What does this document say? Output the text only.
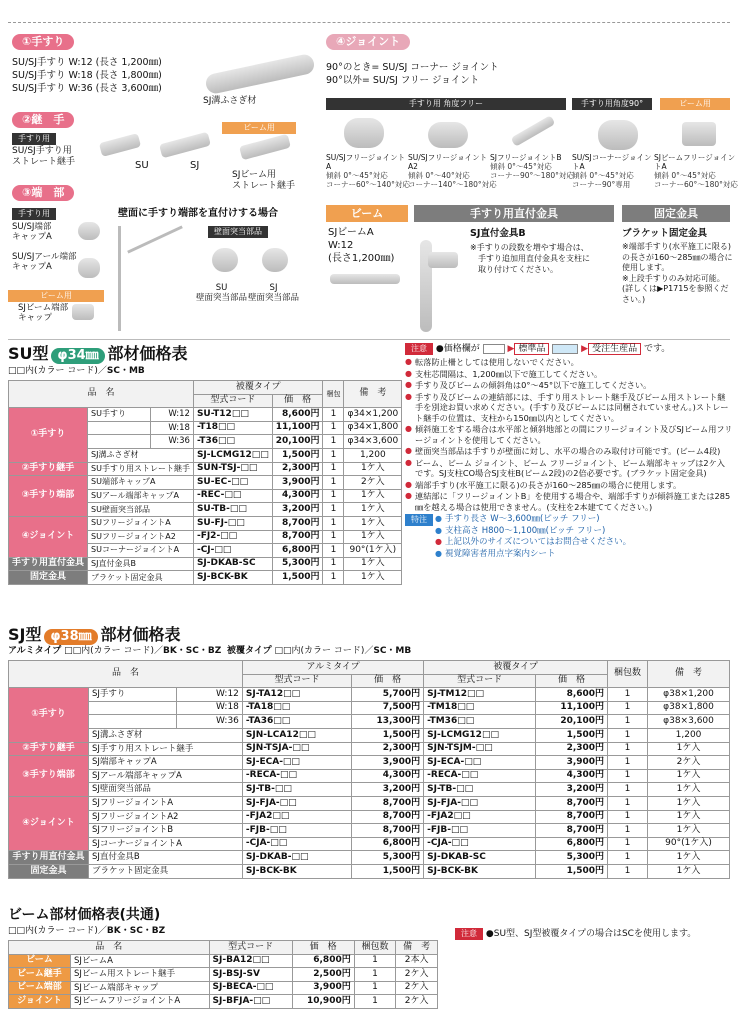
①手すり
SU/SJ手すり W:12 (長さ 1,200㎜)
SU/SJ手すり W:18 (長さ 1,800㎜)
SU/SJ手すり W:36 (長さ 3,600㎜)
SJ溝ふさぎ材
②継　手
手すり用
SU/SJ手すり用
ストレート継手	SU	SJ
ビーム用
SJビーム用
ストレート継手
③端　部
手すり用
SU/SJ端部
キャップA
SU/SJアール端部
キャップA
ビーム用
SJビーム端部
キャップ
壁面に手すり端部を直付けする場合
壁面突当部品
SU
壁面突当部品
SJ
壁面突当部品
④ジョイント
90°のとき= SU/SJ コーナー ジョイント
90°以外= SU/SJ フリー ジョイント
手すり用 角度フリー	手すり用角度90°	ビーム用
SU/SJフリージョイントA
傾斜 0°～45°対応
コーナー60°～140°対応
SU/SJフリージョイントA2
傾斜 0°～40°対応
コーナー140°～180°対応
SJフリージョイントB
傾斜 0°～45°対応
コーナー90°～180°対応
SU/SJコーナージョイントA
傾斜 0°～45°対応
コーナー90°専用
SJビームフリージョイントA
傾斜 0°～45°対応
コーナー60°～180°対応
ビーム
SJビームA
W:12
(長さ1,200㎜)
手すり用直付金具
SJ直付金具B
※手すりの段数を増やす場合は、
　手すり追加用直付金具を支柱に
　取り付けてください。
固定金具
ブラケット固定金具
※端部手すり(水平施工に限る)の長さが160～285㎜の場合に使用します。
※上段手すりのみ対応可能。
(詳しくは▶P1715を参照ください。)
SU型 φ34㎜ 部材価格表
□□内(カラー コード)／SC・MB
品　名			被覆タイプ		梱包	備　考
			型式コード	価　格		
①手すり	SU手すり	W:12	SU-T12□□	8,600円	1	φ34×1,200
		W:18	-T18□□	11,100円	1	φ34×1,800
		W:36	-T36□□	20,100円	1	φ34×3,600
	SJ溝ふさぎ材		SJ-LCMG12□□	1,500円	1	1,200
②手すり継手	SU手すり用ストレート継手		SUN-TSJ-□□	2,300円	1	1ケ入
③手すり端部	SU端部キャップA		SU-EC-□□	3,900円	1	2ケ入
	SUアール端部キャップA		-REC-□□	4,300円	1	1ケ入
	SU壁面突当部品		SU-TB-□□	3,200円	1	1ケ入
④ジョイント	SUフリージョイントA		SU-FJ-□□	8,700円	1	1ケ入
	SUフリージョイントA2		-FJ2-□□	8,700円	1	1ケ入
	SUコーナージョイントA		-CJ-□□	6,800円	1	90°(1ケ入)
手すり用直付金具	SJ直付金具B		SJ-DKAB-SC	5,300円	1	1ケ入
固定金具	ブラケット固定金具		SJ-BCK-BK	1,500円	1	1ケ入
注意 ●価格欄が	▶ 標準品	▶ 受注生産品 です。
● 転落防止柵としては使用しないでください。
● 支柱芯間隔は、1,200㎜以下で施工してください。
● 手すり及びビームの傾斜角は0°～45°以下で施工してください。
● 手すり及びビームの連結部には、手すり用ストレート継手及びビーム用ストレート継手を別途お買い求めください。(手すり及びビームには同梱されていません。)ストレート継手の位置は、支柱から150㎜以内としてください。
● 傾斜施工をする場合は水平部と傾斜地部との間にフリージョイント及びSJビーム用フリージョイントを使用してください。
● 壁面突当部品は手すりが壁面に対し、水平の場合のみ取付け可能です。(ビーム4段)
● ビーム、ビーム ジョイント、ビーム フリージョイント、ビーム端部キャップは2ケ入です。SJ支柱CO場合SJ支柱B(ビーム2段)の2倍必要です。(ブラケット固定金具)
● 端部手すり(水平施工に限る)の長さが160～285㎜の場合に使用します。
● 連結部に「フリージョイントB」を使用する場合や、端部手すりが傾斜施工または285㎜を越える場合は使用できません。(支柱を2本建ててください。)
特注	● 手すり長さ W～3,600㎜(ピッチ フリー)
● 支柱高さ H800～1,100㎜(ピッチ フリー)
● 上記以外のサイズについてはお問合せください。
● 視覚障害者用点字案内シート
SJ型 φ38㎜ 部材価格表
アルミタイプ □□内(カラー コード)／BK・SC・BZ 被覆タイプ □□内(カラー コード)／SC・MB
品　名			アルミタイプ		被覆タイプ		梱包数	備　考
			型式コード	価　格	型式コード	価　格		
①手すり	SJ手すり	W:12	SJ-TA12□□	5,700円	SJ-TM12□□	8,600円	1	φ38×1,200
		W:18	-TA18□□	7,500円	-TM18□□	11,100円	1	φ38×1,800
		W:36	-TA36□□	13,300円	-TM36□□	20,100円	1	φ38×3,600
	SJ溝ふさぎ材		SJN-LCA12□□	1,500円	SJ-LCMG12□□	1,500円	1	1,200
②手すり継手	SJ手すり用ストレート継手		SJN-TSJA-□□	2,300円	SJN-TSJM-□□	2,300円	1	1ケ入
③手すり端部	SJ端部キャップA		SJ-ECA-□□	3,900円	SJ-ECA-□□	3,900円	1	2ケ入
	SJアール端部キャップA		-RECA-□□	4,300円	-RECA-□□	4,300円	1	1ケ入
	SJ壁面突当部品		SJ-TB-□□	3,200円	SJ-TB-□□	3,200円	1	1ケ入
④ジョイント	SJフリージョイントA		SJ-FJA-□□	8,700円	SJ-FJA-□□	8,700円	1	1ケ入
	SJフリージョイントA2		-FJA2□□	8,700円	-FJA2□□	8,700円	1	1ケ入
	SJフリージョイントB		-FJB-□□	8,700円	-FJB-□□	8,700円	1	1ケ入
	SJコーナージョイントA		-CJA-□□	6,800円	-CJA-□□	6,800円	1	90°(1ケ入)
手すり用直付金具	SJ直付金具B		SJ-DKAB-□□	5,300円	SJ-DKAB-SC	5,300円	1	1ケ入
固定金具	ブラケット固定金具		SJ-BCK-BK	1,500円	SJ-BCK-BK	1,500円	1	1ケ入
ビーム部材価格表(共通)
□□内(カラー コード)／BK・SC・BZ
品　名		型式コード	価　格	梱包数	備　考
ビーム	SJビームA	SJ-BA12□□	6,800円	1	2本入
ビーム継手	SJビーム用ストレート継手	SJ-BSJ-SV	2,500円	1	2ケ入
ビーム端部	SJビーム端部キャップ	SJ-BECA-□□	3,900円	1	2ケ入
ジョイント	SJビームフリージョイントA	SJ-BFJA-□□	10,900円	1	2ケ入
注意 ●SU型、SJ型被覆タイプの場合はSCを使用します。
